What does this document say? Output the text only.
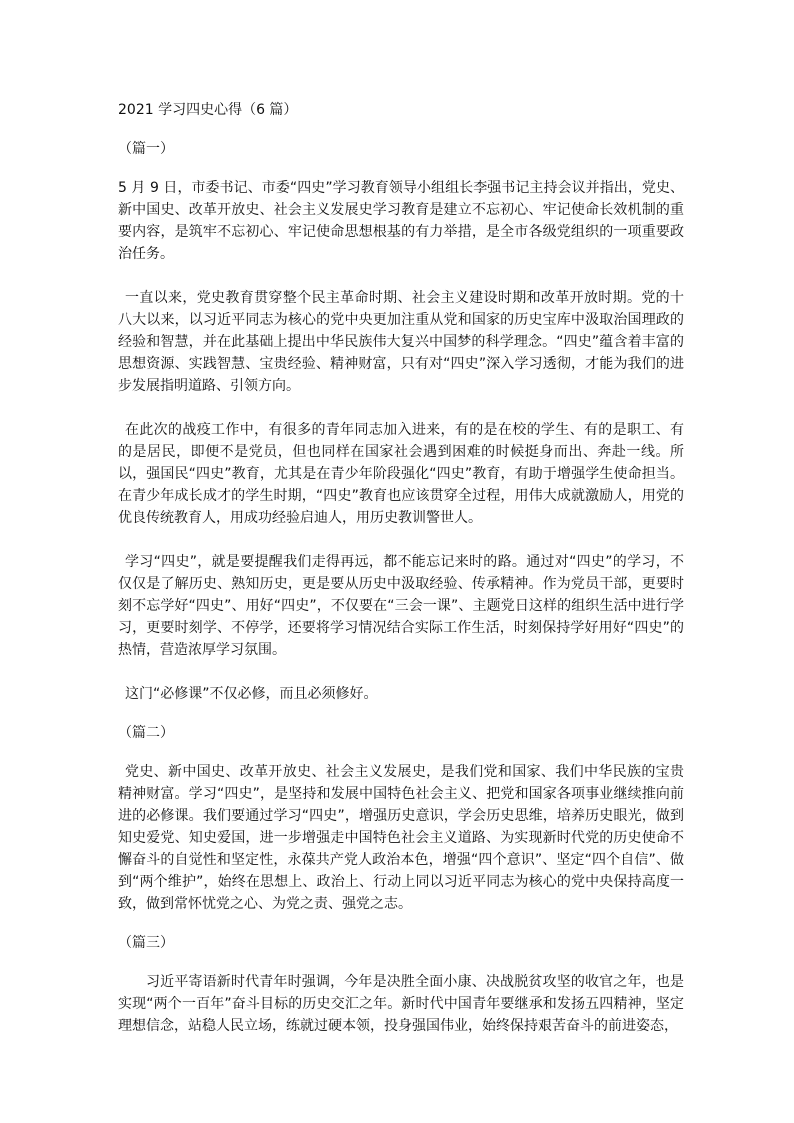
2021 学习四史心得（6 篇）
（篇一）

5 月 9 日，市委书记、市委“四史”学习教育领导小组组长李强书记主持会议并指出，党史、新中国史、改革开放史、社会主义发展史学习教育是建立不忘初心、牢记使命长效机制的重要内容，是筑牢不忘初心、牢记使命思想根基的有力举措，是全市各级党组织的一项重要政治任务。

一直以来，党史教育贯穿整个民主革命时期、社会主义建设时期和改革开放时期。党的十八大以来，以习近平同志为核心的党中央更加注重从党和国家的历史宝库中汲取治国理政的经验和智慧，并在此基础上提出中华民族伟大复兴中国梦的科学理念。“四史”蕴含着丰富的思想资源、实践智慧、宝贵经验、精神财富，只有对“四史”深入学习透彻，才能为我们的进步发展指明道路、引领方向。

在此次的战疫工作中，有很多的青年同志加入进来，有的是在校的学生、有的是职工、有的是居民，即便不是党员，但也同样在国家社会遇到困难的时候挺身而出、奔赴一线。所以，强国民“四史”教育，尤其是在青少年阶段强化“四史”教育，有助于增强学生使命担当。在青少年成长成才的学生时期，“四史”教育也应该贯穿全过程，用伟大成就激励人，用党的优良传统教育人，用成功经验启迪人，用历史教训警世人。

学习“四史”，就是要提醒我们走得再远，都不能忘记来时的路。通过对“四史”的学习，不仅仅是了解历史、熟知历史，更是要从历史中汲取经验、传承精神。作为党员干部，更要时刻不忘学好“四史”、用好“四史”，不仅要在“三会一课”、主题党日这样的组织生活中进行学习，更要时刻学、不停学，还要将学习情况结合实际工作生活，时刻保持学好用好“四史”的热情，营造浓厚学习氛围。

这门“必修课”不仅必修，而且必须修好。

（篇二）

党史、新中国史、改革开放史、社会主义发展史，是我们党和国家、我们中华民族的宝贵精神财富。学习“四史”，是坚持和发展中国特色社会主义、把党和国家各项事业继续推向前进的必修课。我们要通过学习“四史”，增强历史意识，学会历史思维，培养历史眼光，做到知史爱党、知史爱国，进一步增强走中国特色社会主义道路、为实现新时代党的历史使命不懈奋斗的自觉性和坚定性，永葆共产党人政治本色，增强“四个意识”、坚定“四个自信”、做到“两个维护”，始终在思想上、政治上、行动上同以习近平同志为核心的党中央保持高度一致，做到常怀忧党之心、为党之责、强党之志。

（篇三）

习近平寄语新时代青年时强调，今年是决胜全面小康、决战脱贫攻坚的收官之年，也是实现“两个一百年”奋斗目标的历史交汇之年。新时代中国青年要继承和发扬五四精神，坚定理想信念，站稳人民立场，练就过硬本领，投身强国伟业，始终保持艰苦奋斗的前进姿态，
